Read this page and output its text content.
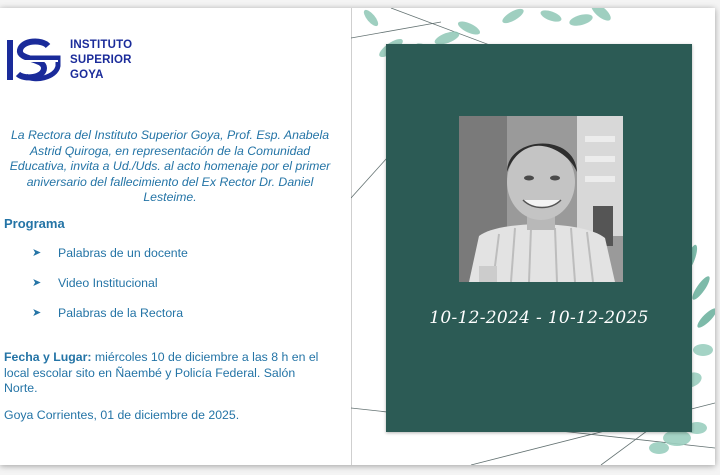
INSTITUTO
SUPERIOR
GOYA

La Rectora del Instituto Superior Goya, Prof. Esp. Anabela Astrid Quiroga, en representación de la Comunidad Educativa, invita a Ud./Uds. al acto homenaje por el primer aniversario del fallecimiento del Ex Rector Dr. Daniel Lesteime.

Programa

➤	Palabras de un docente
➤	Video Institucional
➤	Palabras de la Rectora

Fecha y Lugar: miércoles 10 de diciembre a las 8 h en el local escolar sito en Ñaembé y Policía Federal. Salón Norte.

Goya Corrientes, 01 de diciembre de 2025.

10-12-2024 - 10-12-2025
